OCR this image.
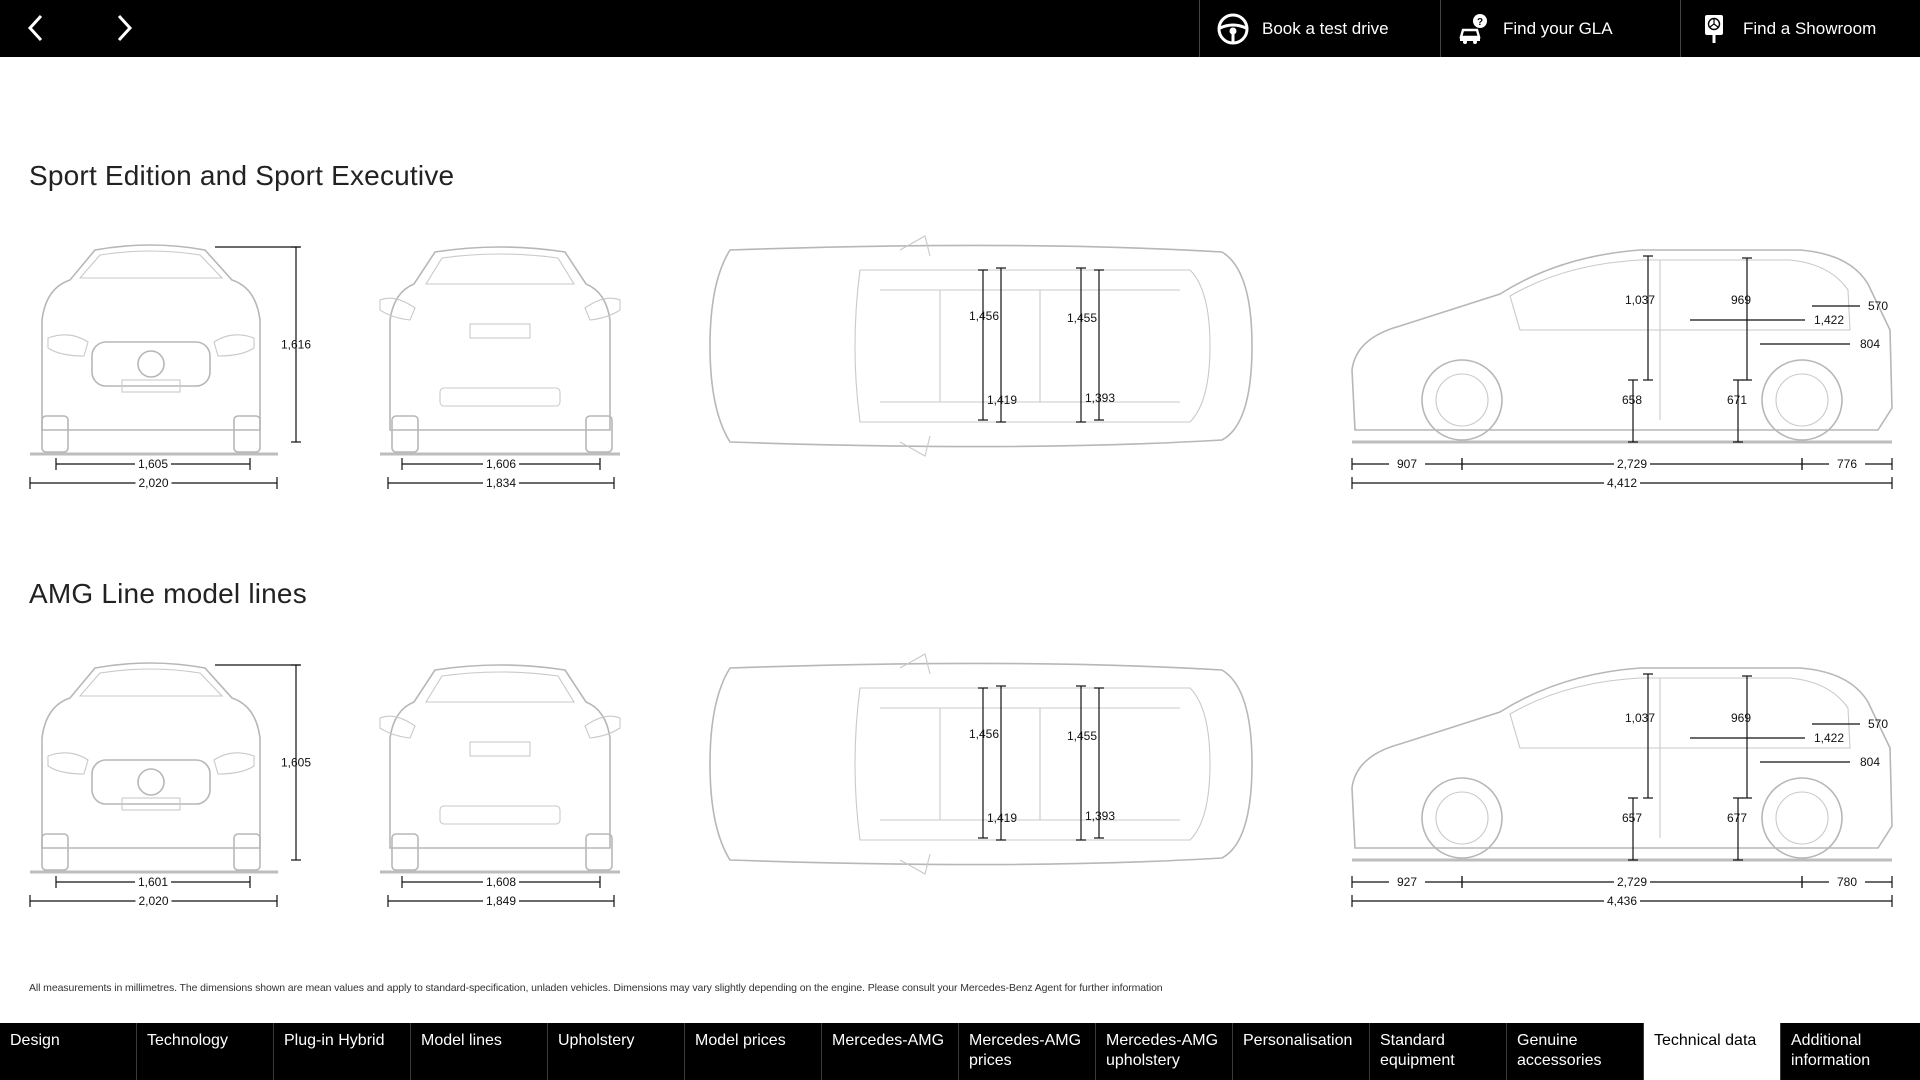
Book a test drive	? Find your GLA	Find a Showroom
Sport Edition and Sport Executive
1,616
1,605
2,020
1,606
1,834
1,456
1,419
1,455
1,393
1,037	969
658	671
570
1,422
804
907	2,729	776
4,412
AMG Line model lines
1,605
1,601
2,020
1,608
1,849
1,456
1,419
1,455
1,393
1,037	969
657	677
570
1,422
804
927	2,729	780
4,436
All measurements in millimetres. The dimensions shown are mean values and apply to standard-specification, unladen vehicles. Dimensions may vary slightly depending on the engine. Please consult your Mercedes-Benz Agent for further information
Design	Technology	Plug-in Hybrid	Model lines	Upholstery	Model prices	Mercedes-AMG	Mercedes-AMG prices
Mercedes-AMG upholstery
Personalisation	Standard equipment
Genuine accessories
Technical data	Additional information
